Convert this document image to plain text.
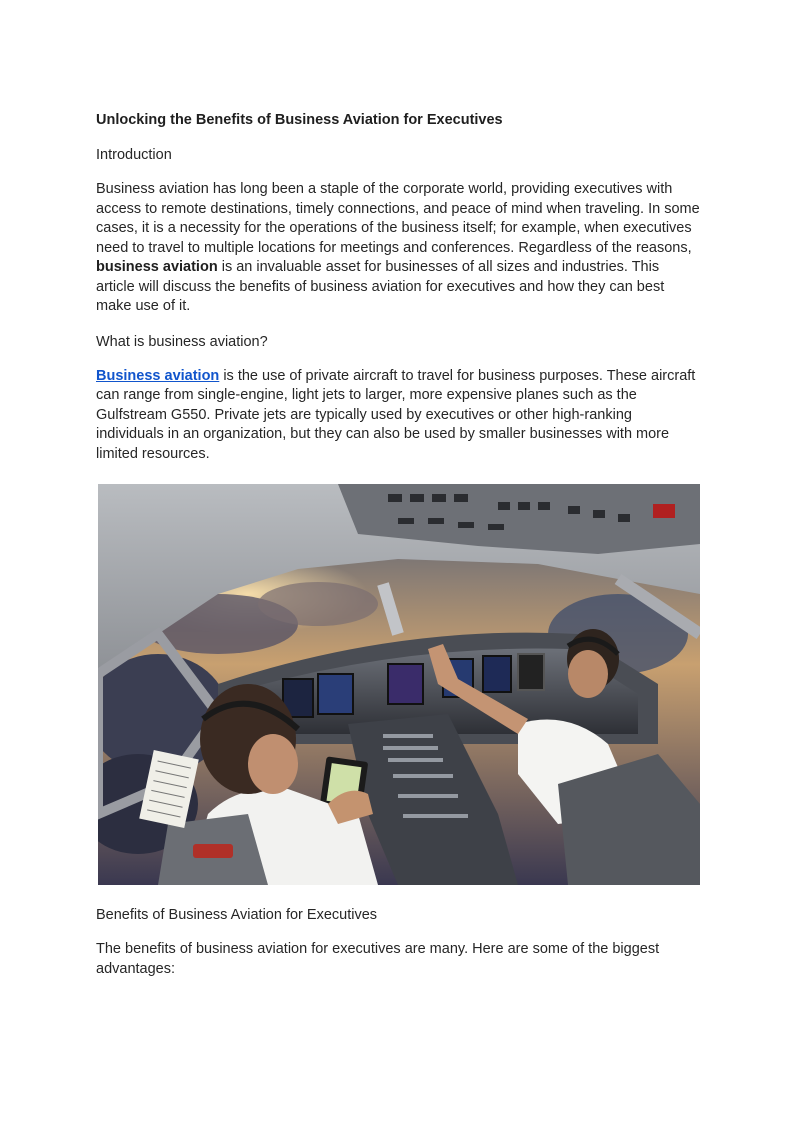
Unlocking the Benefits of Business Aviation for Executives
Introduction

Business aviation has long been a staple of the corporate world, providing executives with access to remote destinations, timely connections, and peace of mind when traveling. In some cases, it is a necessity for the operations of the business itself; for example, when executives need to travel to multiple locations for meetings and conferences. Regardless of the reasons, business aviation is an invaluable asset for businesses of all sizes and industries. This article will discuss the benefits of business aviation for executives and how they can best make use of it.

What is business aviation?

Business aviation is the use of private aircraft to travel for business purposes. These aircraft can range from single-engine, light jets to larger, more expensive planes such as the Gulfstream G550. Private jets are typically used by executives or other high-ranking individuals in an organization, but they can also be used by smaller businesses with more limited resources.

Benefits of Business Aviation for Executives

The benefits of business aviation for executives are many. Here are some of the biggest advantages:
